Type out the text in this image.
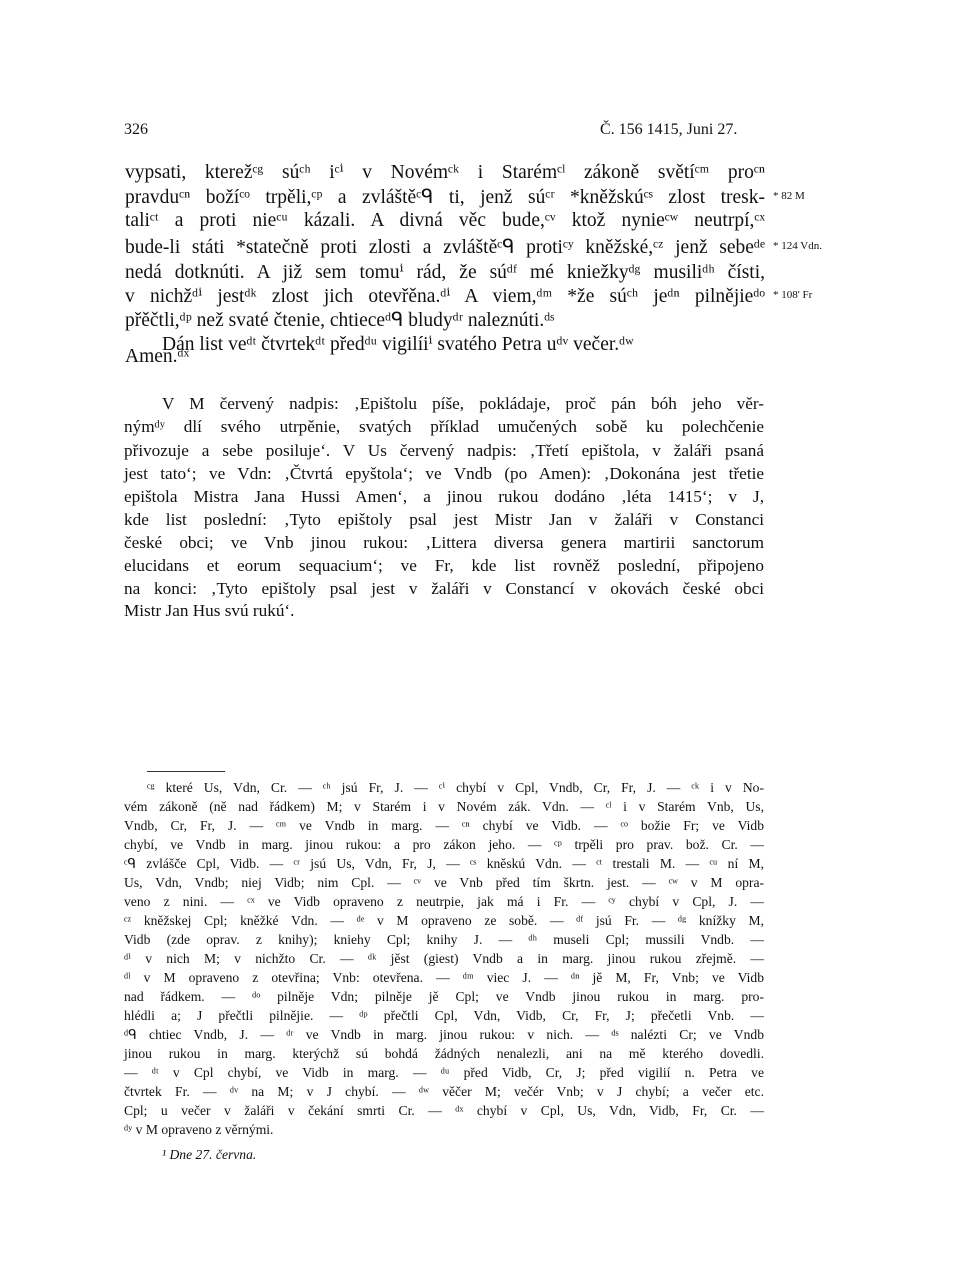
326	Č. 156 1415, Juni 27.
vypsati, kterežᶜᵍ súᶜʰ iᶜⁱ v Novémᶜᵏ i Starémᶜˡ zákoně světíᶜᵐ proᶜⁿ
pravduᶜⁿ božíᶜᵒ trpěli,ᶜᵖ a zvláštěᶜᑫ ti, jenž súᶜʳ *kněžskúᶜˢ zlost tresk-
taliᶜᵗ a proti nieᶜᵘ kázali. A divná věc bude,ᶜᵛ ktož nynieᶜʷ neutrpí,ᶜˣ
bude-li státi *statečně proti zlosti a zvláštěᶜᑫ protiᶜʸ kněžské,ᶜᶻ jenž sebeᵈᵉ
nedá dotknúti. A již sem tomuⁱ rád, že súᵈᶠ mé kniežkyᵈᵍ musiliᵈʰ čísti,
v nichžᵈⁱ jestᵈᵏ zlost jich otevřěna.ᵈⁱ A viem,ᵈᵐ *že súᶜʰ jeᵈⁿ pilnějieᵈᵒ
přěčtli,ᵈᵖ než svaté čtenie, chtieceᵈᑫ bludyᵈʳ naleznúti.ᵈˢ
Dán list veᵈᵗ čtvrtekᵈᵗ předᵈᵘ vigilíiⁱ svatého Petra uᵈᵛ večer.ᵈʷ
Amen.ᵈˣ
* 82 M
* 124 Vdn.
* 108' Fr
V M červený nadpis: ‚Epištolu píše, pokládaje, proč pán bóh jeho věr-
nýmᵈʸ dlí svého utrpěnie, svatých příklad umučených sobě ku polechčenie
přivozuje a sebe posiluje‘. V Us červený nadpis: ‚Třetí epištola, v žaláři psaná
jest tato‘; ve Vdn: ‚Čtvrtá epyštola‘; ve Vndb (po Amen): ‚Dokonána jest třetie
epištola Mistra Jana Hussi Amen‘, a jinou rukou dodáno ‚léta 1415‘; v J,
kde list poslední: ‚Tyto epištoly psal jest Mistr Jan v žaláři v Constanci
české obci; ve Vnb jinou rukou: ‚Littera diversa genera martirii sanctorum
elucidans et eorum sequacium‘; ve Fr, kde list rovněž poslední, připojeno
na konci: ‚Tyto epištoly psal jest v žaláři v Constancí v okovách české obci
Mistr Jan Hus svú rukú‘.
ᶜᵍ které Us, Vdn, Cr. — ᶜʰ jsú Fr, J. — ᶜⁱ chybí v Cpl, Vndb, Cr, Fr, J. — ᶜᵏ i v No-
vém zákoně (ně nad řádkem) M; v Starém i v Novém zák. Vdn. — ᶜˡ i v Starém Vnb, Us,
Vndb, Cr, Fr, J. — ᶜᵐ ve Vndb in marg. — ᶜⁿ chybí ve Vidb. — ᶜᵒ božie Fr; ve Vidb
chybí, ve Vndb in marg. jinou rukou: a pro zákon jeho. — ᶜᵖ trpěli pro prav. bož. Cr. —
ᶜᑫ zvlášče Cpl, Vidb. — ᶜʳ jsú Us, Vdn, Fr, J, — ᶜˢ kněskú Vdn. — ᶜᵗ trestali M. — ᶜᵘ ní M,
Us, Vdn, Vndb; niej Vidb; nim Cpl. — ᶜᵛ ve Vnb před tím škrtn. jest. — ᶜʷ v M opra-
veno z nini. — ᶜˣ ve Vidb opraveno z neutrpie, jak má i Fr. — ᶜʸ chybí v Cpl, J. —
ᶜᶻ kněžskej Cpl; kněžké Vdn. — ᵈᵉ v M opraveno ze sobě. — ᵈᶠ jsú Fr. — ᵈᵍ knížky M,
Vidb (zde oprav. z knihy); kniehy Cpl; knihy J. — ᵈʰ museli Cpl; mussili Vndb. —
ᵈⁱ v nich M; v nichžto Cr. — ᵈᵏ jěst (giest) Vndb a in marg. jinou rukou zřejmě. —
ᵈˡ v M opraveno z otevřina; Vnb: otevřena. — ᵈᵐ viec J. — ᵈⁿ jě M, Fr, Vnb; ve Vidb
nad řádkem. — ᵈᵒ pilněje Vdn; pilněje jě Cpl; ve Vndb jinou rukou in marg. pro-
hlédli a; J přečtli pilnějie. — ᵈᵖ přečtli Cpl, Vdn, Vidb, Cr, Fr, J; přečetli Vnb. —
ᵈᑫ chtiec Vndb, J. — ᵈʳ ve Vndb in marg. jinou rukou: v nich. — ᵈˢ nalézti Cr; ve Vndb
jinou rukou in marg. kterýchž sú bohdá žádných nenalezli, ani na mě kterého dovedli.
— ᵈᵗ v Cpl chybí, ve Vidb in marg. — ᵈᵘ před Vidb, Cr, J; před vigilií n. Petra ve
čtvrtek Fr. — ᵈᵛ na M; v J chybí. — ᵈʷ věčer M; večér Vnb; v J chybí; a večer etc.
Cpl; u večer v žaláři v čekání smrti Cr. — ᵈˣ chybí v Cpl, Us, Vdn, Vidb, Fr, Cr. —
ᵈʸ v M opraveno z věrnými.
¹ Dne 27. června.
